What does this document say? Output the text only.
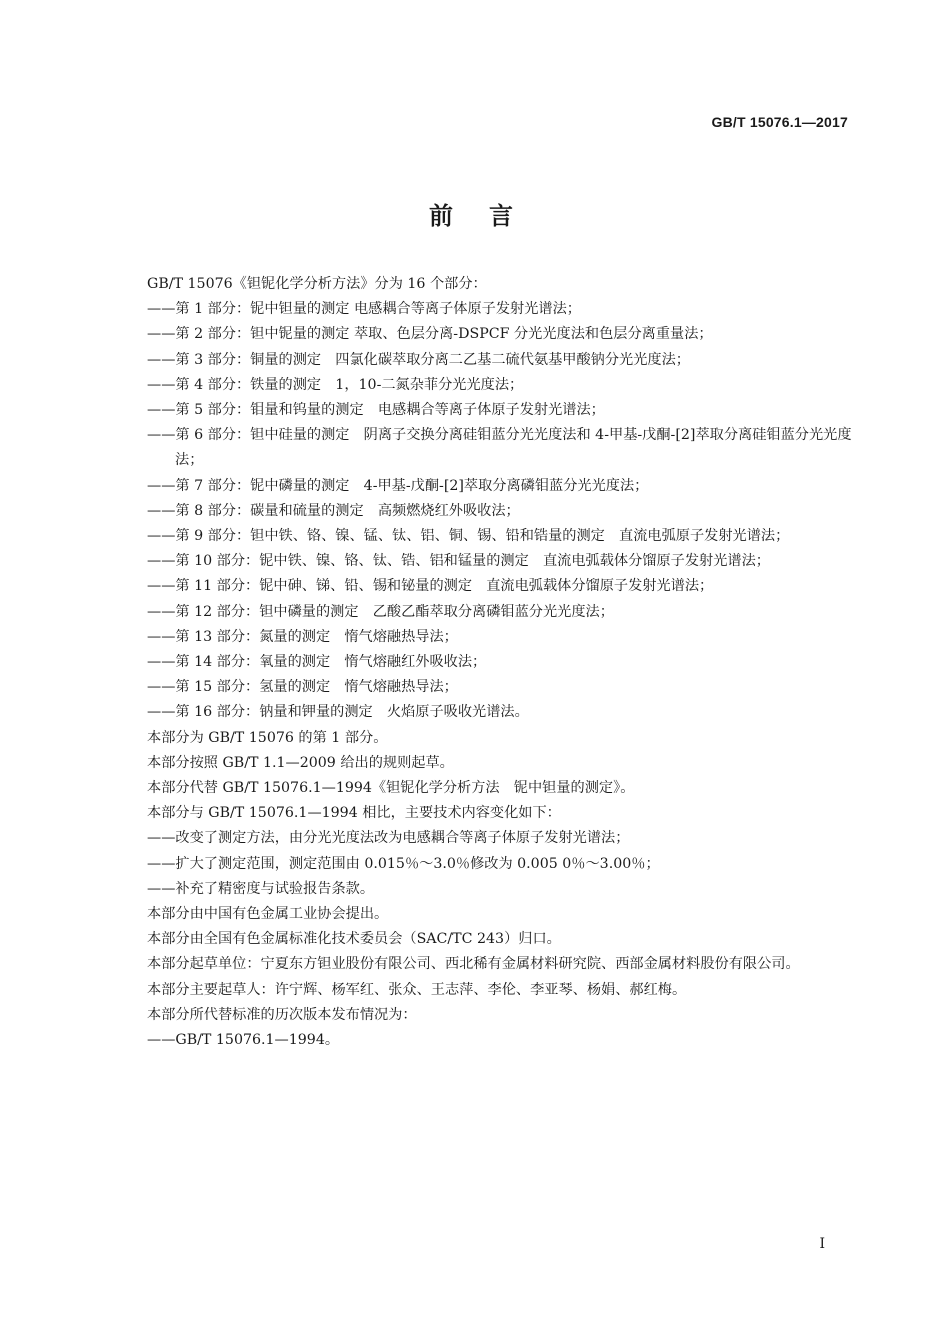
GB/T 15076.1—2017
前言
GB/T 15076《钽铌化学分析方法》分为 16 个部分：
——第 1 部分：铌中钽量的测定 电感耦合等离子体原子发射光谱法；
——第 2 部分：钽中铌量的测定 萃取、色层分离-DSPCF 分光光度法和色层分离重量法；
——第 3 部分：铜量的测定　四氯化碳萃取分离二乙基二硫代氨基甲酸钠分光光度法；
——第 4 部分：铁量的测定　1，10-二氮杂菲分光光度法；
——第 5 部分：钼量和钨量的测定　电感耦合等离子体原子发射光谱法；
——第 6 部分：钽中硅量的测定　阴离子交换分离硅钼蓝分光光度法和 4-甲基-戊酮-[2]萃取分离硅钼蓝分光光度法；
——第 7 部分：铌中磷量的测定　4-甲基-戊酮-[2]萃取分离磷钼蓝分光光度法；
——第 8 部分：碳量和硫量的测定　高频燃烧红外吸收法；
——第 9 部分：钽中铁、铬、镍、锰、钛、铝、铜、锡、铅和锆量的测定　直流电弧原子发射光谱法；
——第 10 部分：铌中铁、镍、铬、钛、锆、铝和锰量的测定　直流电弧载体分馏原子发射光谱法；
——第 11 部分：铌中砷、锑、铅、锡和铋量的测定　直流电弧载体分馏原子发射光谱法；
——第 12 部分：钽中磷量的测定　乙酸乙酯萃取分离磷钼蓝分光光度法；
——第 13 部分：氮量的测定　惰气熔融热导法；
——第 14 部分：氧量的测定　惰气熔融红外吸收法；
——第 15 部分：氢量的测定　惰气熔融热导法；
——第 16 部分：钠量和钾量的测定　火焰原子吸收光谱法。
本部分为 GB/T 15076 的第 1 部分。
本部分按照 GB/T 1.1—2009 给出的规则起草。
本部分代替 GB/T 15076.1—1994《钽铌化学分析方法　铌中钽量的测定》。
本部分与 GB/T 15076.1—1994 相比，主要技术内容变化如下：
——改变了测定方法，由分光光度法改为电感耦合等离子体原子发射光谱法；
——扩大了测定范围，测定范围由 0.015％～3.0％修改为 0.005 0％～3.00％；
——补充了精密度与试验报告条款。
本部分由中国有色金属工业协会提出。
本部分由全国有色金属标准化技术委员会（SAC/TC 243）归口。
本部分起草单位：宁夏东方钽业股份有限公司、西北稀有金属材料研究院、西部金属材料股份有限公司。
本部分主要起草人：许宁辉、杨军红、张众、王志萍、李伦、李亚琴、杨娟、郝红梅。
本部分所代替标准的历次版本发布情况为：
——GB/T 15076.1—1994。
Ⅰ
